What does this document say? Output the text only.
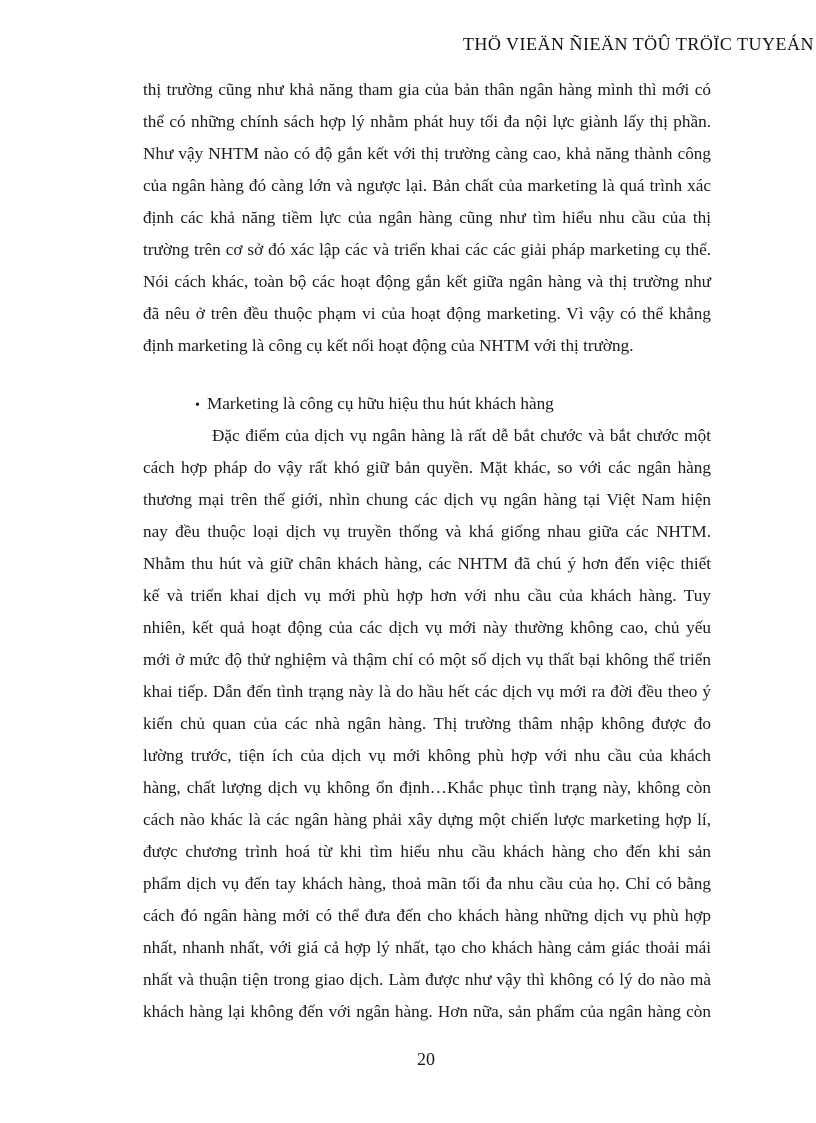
THÖ VIEÄN ÑIEÄN TÖÛ TRÖÏC TUYEÁN
thị trường cũng như khả năng tham gia của bản thân ngân hàng mình thì mới có
thể có những chính sách hợp lý nhằm phát huy tối đa nội lực giành lấy thị phần.
Như vậy NHTM nào có độ gắn kết với thị trường càng cao, khả năng thành công
của ngân hàng đó càng lớn và ngược lại. Bản chất của marketing là quá trình xác
định các khả năng tiềm lực của ngân hàng cũng như tìm hiểu nhu cầu của thị
trường trên cơ sở đó xác lập các và triển khai các các giải pháp marketing cụ thể.
Nói cách khác, toàn bộ các hoạt động gắn kết giữa ngân hàng và thị trường như
đã nêu ở trên đều thuộc phạm vi của hoạt động marketing. Vì vậy có thể khẳng
định marketing là công cụ kết nối hoạt động của NHTM với thị trường.
• Marketing là công cụ hữu hiệu thu hút khách hàng
Đặc điểm của dịch vụ ngân hàng là rất dễ bắt chước và bắt chước một
cách hợp pháp do vậy rất khó giữ bản quyền. Mặt khác, so với các ngân hàng
thương mại trên thế giới, nhìn chung các dịch vụ ngân hàng tại Việt Nam hiện
nay đều thuộc loại dịch vụ truyền thống và khá giống nhau giữa các NHTM.
Nhằm thu hút và giữ chân khách hàng, các NHTM đã chú ý hơn đến việc thiết
kế và triển khai dịch vụ mới phù hợp hơn với nhu cầu của khách hàng. Tuy
nhiên, kết quả hoạt động của các dịch vụ mới này thường không cao, chủ yếu
mới ở mức độ thử nghiệm và thậm chí có một số dịch vụ thất bại không thể triển
khai tiếp. Dẫn đến tình trạng này là do hầu hết các dịch vụ mới ra đời đều theo ý
kiến chủ quan của các nhà ngân hàng. Thị trường thâm nhập không được đo
lường trước, tiện ích của dịch vụ mới không phù hợp với nhu cầu của khách
hàng, chất lượng dịch vụ không ổn định…Khắc phục tình trạng này, không còn
cách nào khác là các ngân hàng phải xây dựng một chiến lược marketing hợp lí,
được chương trình hoá từ khi tìm hiểu nhu cầu khách hàng cho đến khi sản
phẩm dịch vụ đến tay khách hàng, thoả mãn tối đa nhu cầu của họ. Chỉ có bằng
cách đó ngân hàng mới có thể đưa đến cho khách hàng những dịch vụ phù hợp
nhất, nhanh nhất, với giá cả hợp lý nhất, tạo cho khách hàng cảm giác thoải mái
nhất và thuận tiện trong giao dịch. Làm được như vậy thì không có lý do nào mà
khách hàng lại không đến với ngân hàng. Hơn nữa, sản phẩm của ngân hàng còn
20
